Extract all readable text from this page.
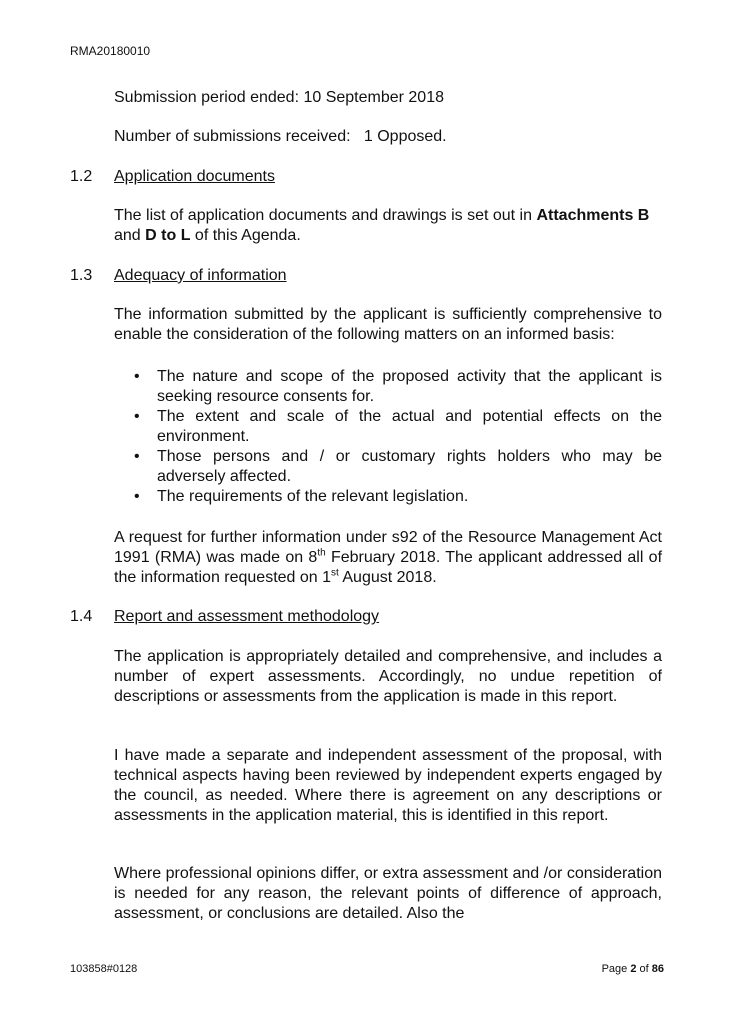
RMA20180010

Submission period ended: 10 September 2018

Number of submissions received:   1 Opposed.

1.2 Application documents

The list of application documents and drawings is set out in Attachments B and D to L of this Agenda.

1.3 Adequacy of information

The information submitted by the applicant is sufficiently comprehensive to enable the consideration of the following matters on an informed basis:

• The nature and scope of the proposed activity that the applicant is seeking resource consents for.
• The extent and scale of the actual and potential effects on the environment.
• Those persons and / or customary rights holders who may be adversely affected.
• The requirements of the relevant legislation.

A request for further information under s92 of the Resource Management Act 1991 (RMA) was made on 8th February 2018. The applicant addressed all of the information requested on 1st August 2018.

1.4 Report and assessment methodology

The application is appropriately detailed and comprehensive, and includes a number of expert assessments. Accordingly, no undue repetition of descriptions or assessments from the application is made in this report.

I have made a separate and independent assessment of the proposal, with technical aspects having been reviewed by independent experts engaged by the council, as needed. Where there is agreement on any descriptions or assessments in the application material, this is identified in this report.

Where professional opinions differ, or extra assessment and /or consideration is needed for any reason, the relevant points of difference of approach, assessment, or conclusions are detailed. Also the

103858#0128	Page 2 of 86
